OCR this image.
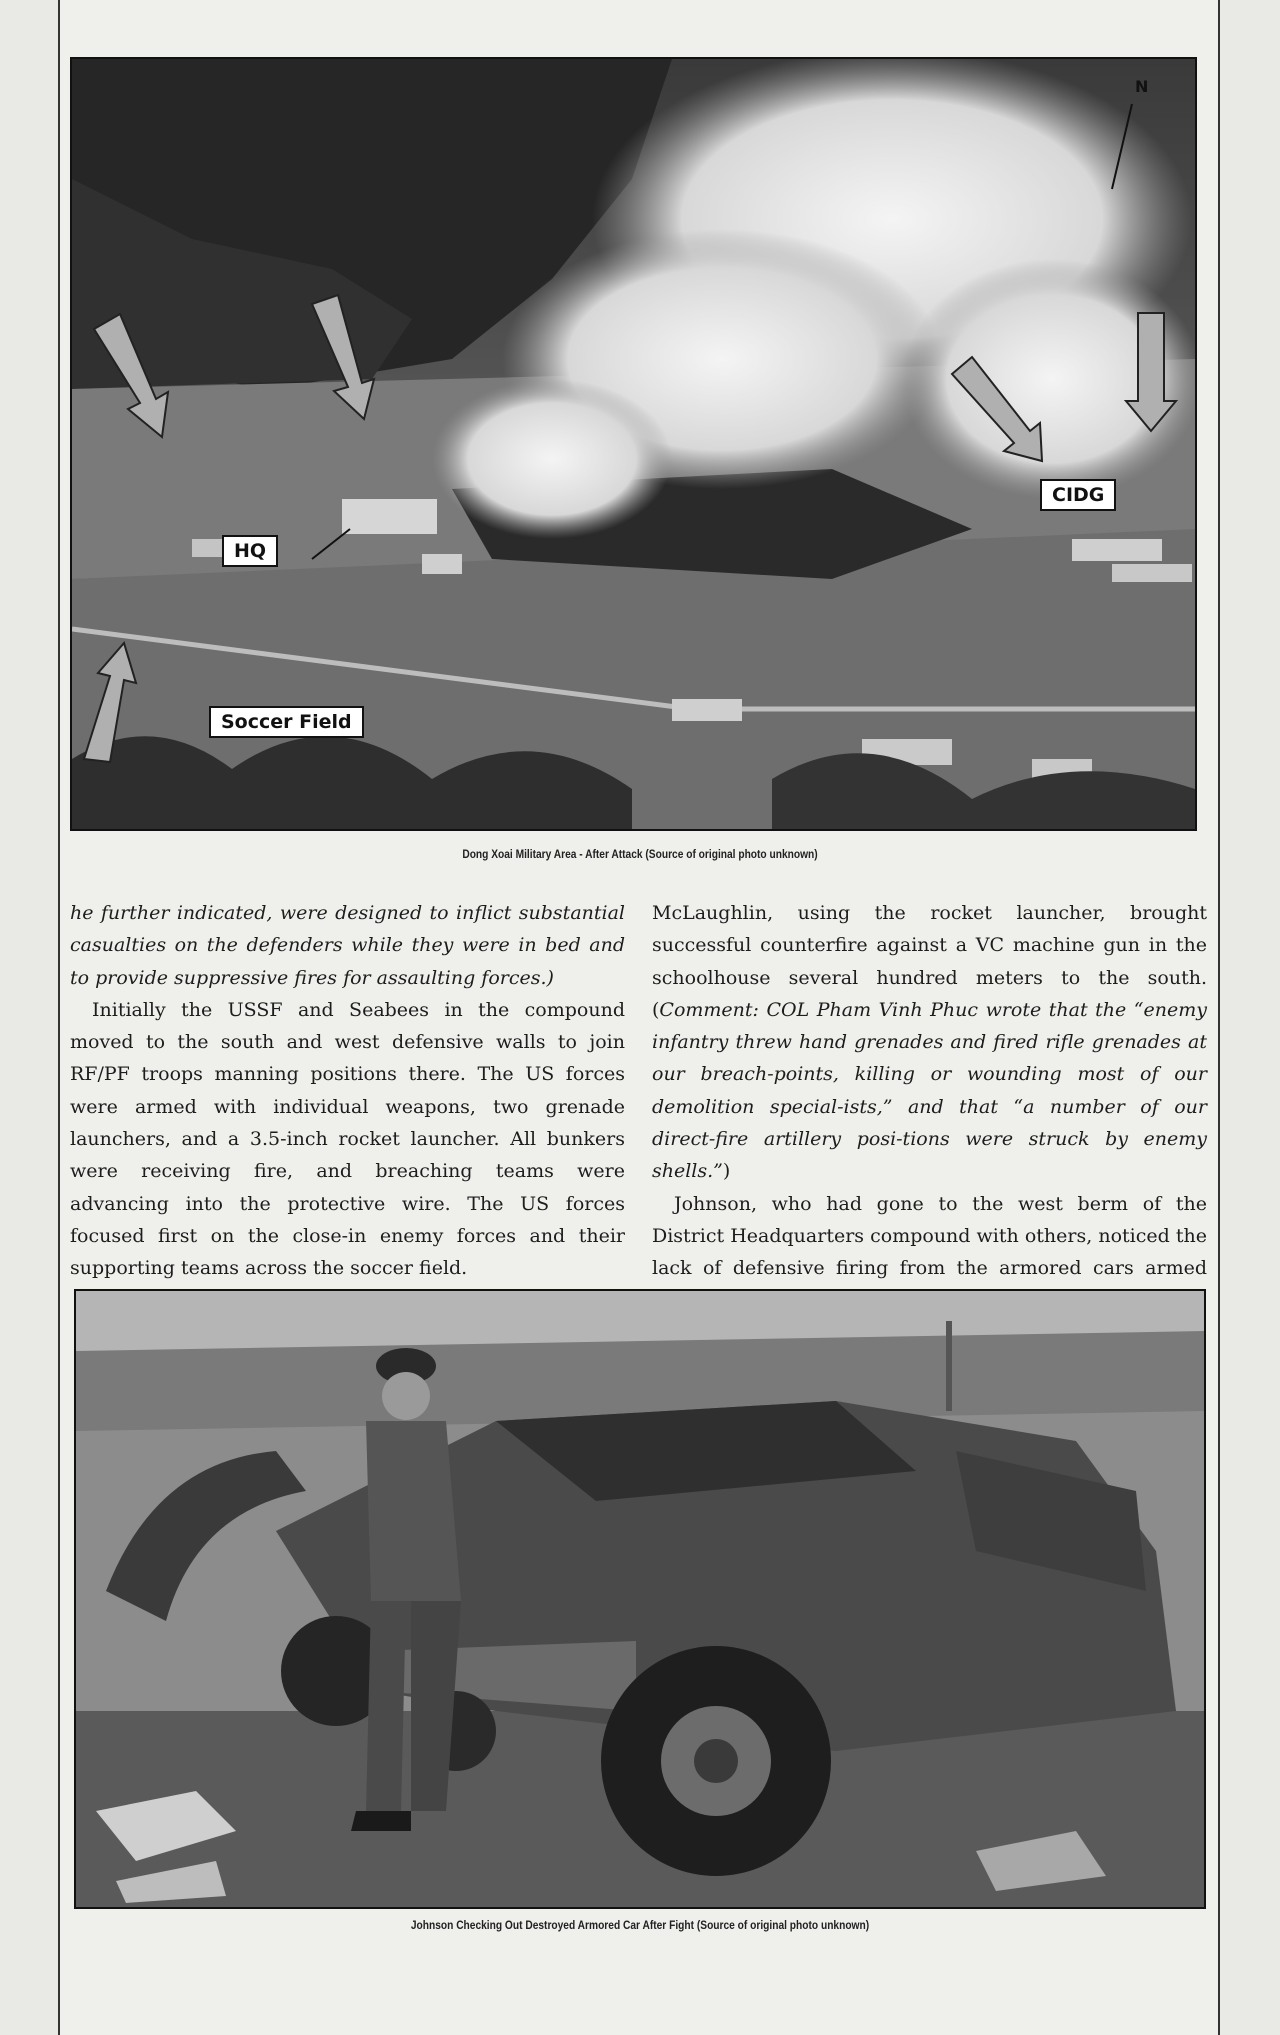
HQ
CIDG
Soccer Field
N
Dong Xoai Military Area - After Attack (Source of original photo unknown)

he further indicated, were designed to inflict substantial casualties on the defenders while they were in bed and to provide suppressive fires for assaulting forces.)

Initially the USSF and Seabees in the compound moved to the south and west defensive walls to join RF/PF troops manning positions there. The US forces were armed with individual weapons, two grenade launchers, and a 3.5-inch rocket launcher. All bunkers were receiving fire, and breaching teams were advancing into the protective wire. The US forces focused first on the close-in enemy forces and their supporting teams across the soccer field.

McLaughlin, using the rocket launcher, brought successful counterfire against a VC machine gun in the schoolhouse several hundred meters to the south. (Comment: COL Pham Vinh Phuc wrote that the “enemy infantry threw hand grenades and fired rifle grenades at our breach-points, killing or wounding most of our demolition special-ists,” and that “a number of our direct-fire artillery posi-tions were struck by enemy shells.”)

Johnson, who had gone to the west berm of the District Headquarters compound with others, noticed the lack of defensive firing from the armored cars armed

Johnson Checking Out Destroyed Armored Car After Fight (Source of original photo unknown)
